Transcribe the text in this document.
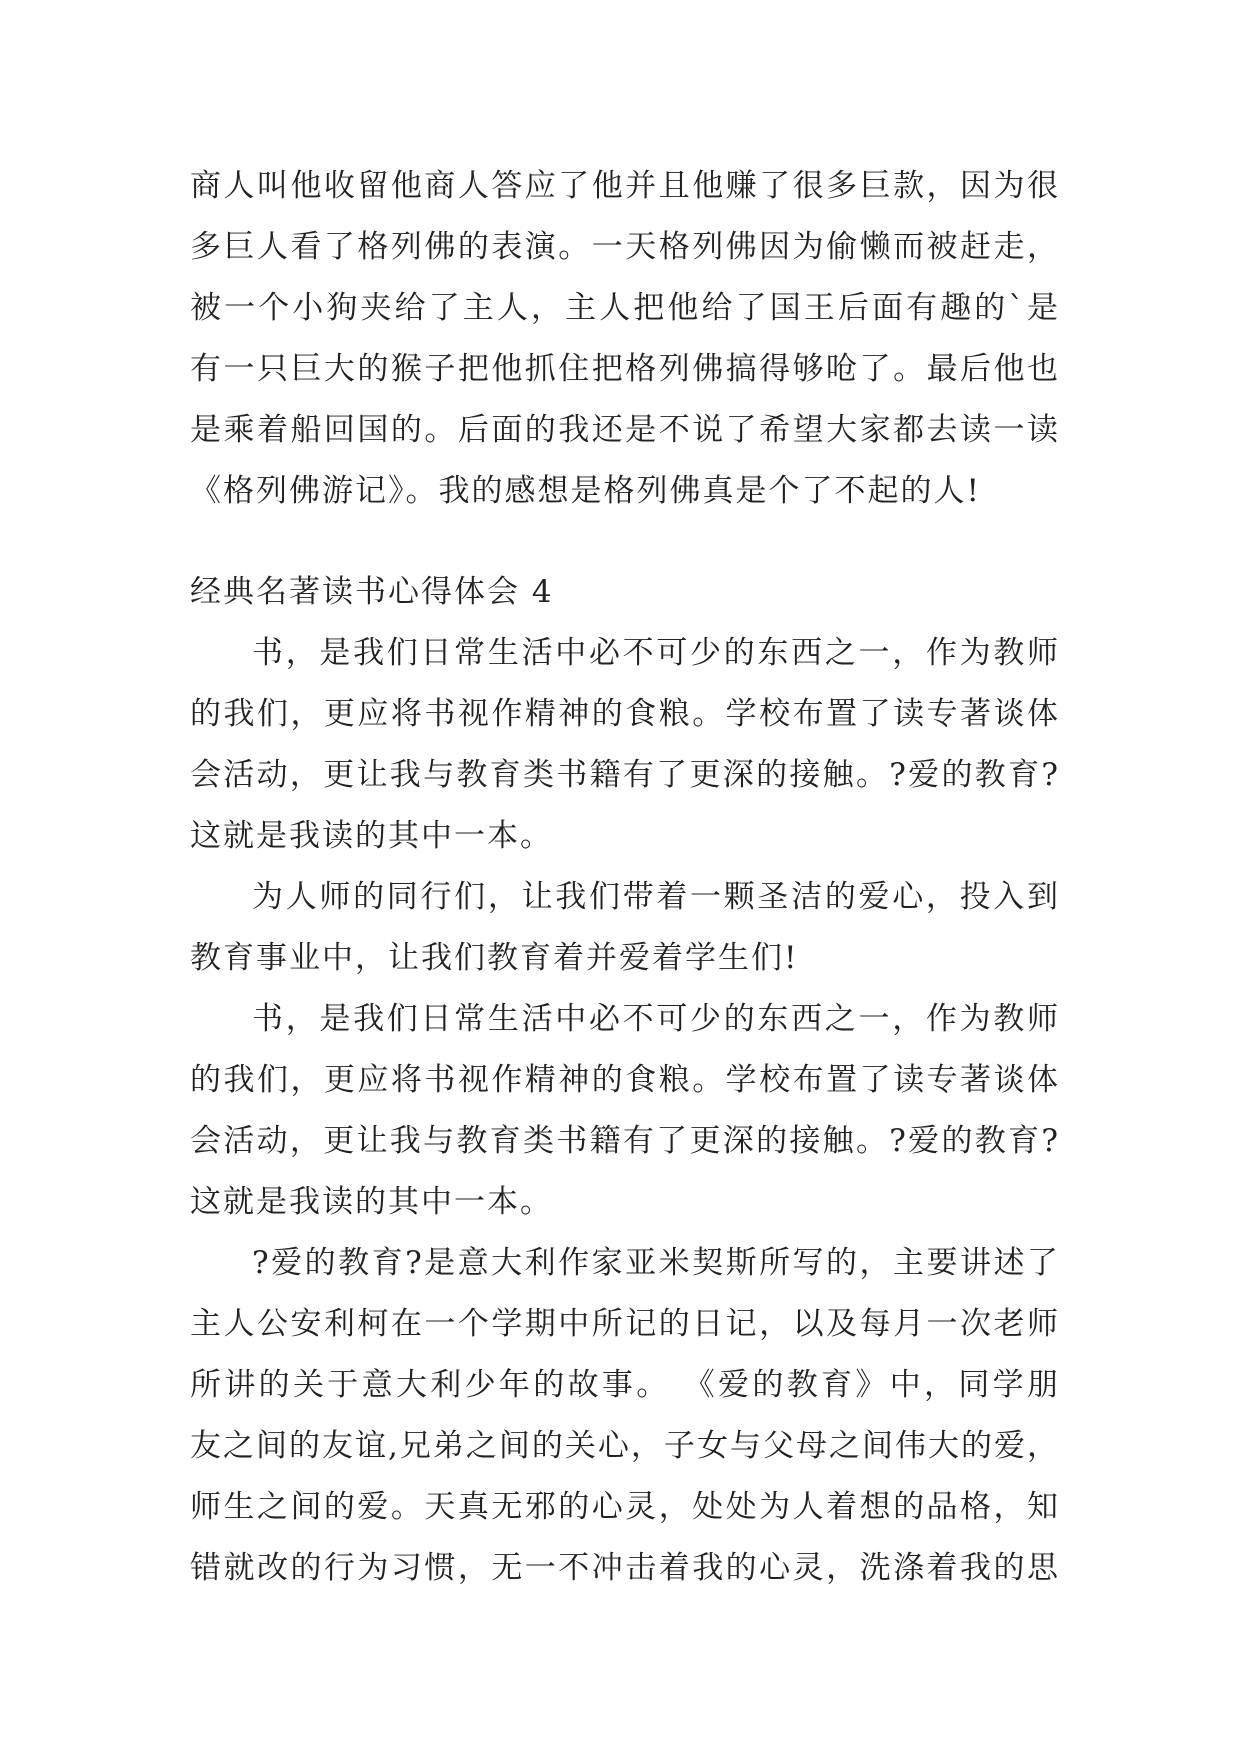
商人叫他收留他商人答应了他并且他赚了很多巨款，因为很
多巨人看了格列佛的表演。一天格列佛因为偷懒而被赶走，
被一个小狗夹给了主人，主人把他给了国王后面有趣的`是
有一只巨大的猴子把他抓住把格列佛搞得够呛了。最后他也
是乘着船回国的。后面的我还是不说了希望大家都去读一读
《格列佛游记》。我的感想是格列佛真是个了不起的人!
经典名著读书心得体会 4
书，是我们日常生活中必不可少的东西之一，作为教师
的我们，更应将书视作精神的食粮。学校布置了读专著谈体
会活动，更让我与教育类书籍有了更深的接触。?爱的教育?
这就是我读的其中一本。
为人师的同行们，让我们带着一颗圣洁的爱心，投入到
教育事业中，让我们教育着并爱着学生们!
书，是我们日常生活中必不可少的东西之一，作为教师
的我们，更应将书视作精神的食粮。学校布置了读专著谈体
会活动，更让我与教育类书籍有了更深的接触。?爱的教育?
这就是我读的其中一本。
?爱的教育?是意大利作家亚米契斯所写的，主要讲述了
主人公安利柯在一个学期中所记的日记，以及每月一次老师
所讲的关于意大利少年的故事。 《爱的教育》中，同学朋
友之间的友谊,兄弟之间的关心，子女与父母之间伟大的爱，
师生之间的爱。天真无邪的心灵，处处为人着想的品格，知
错就改的行为习惯，无一不冲击着我的心灵，洗涤着我的思
